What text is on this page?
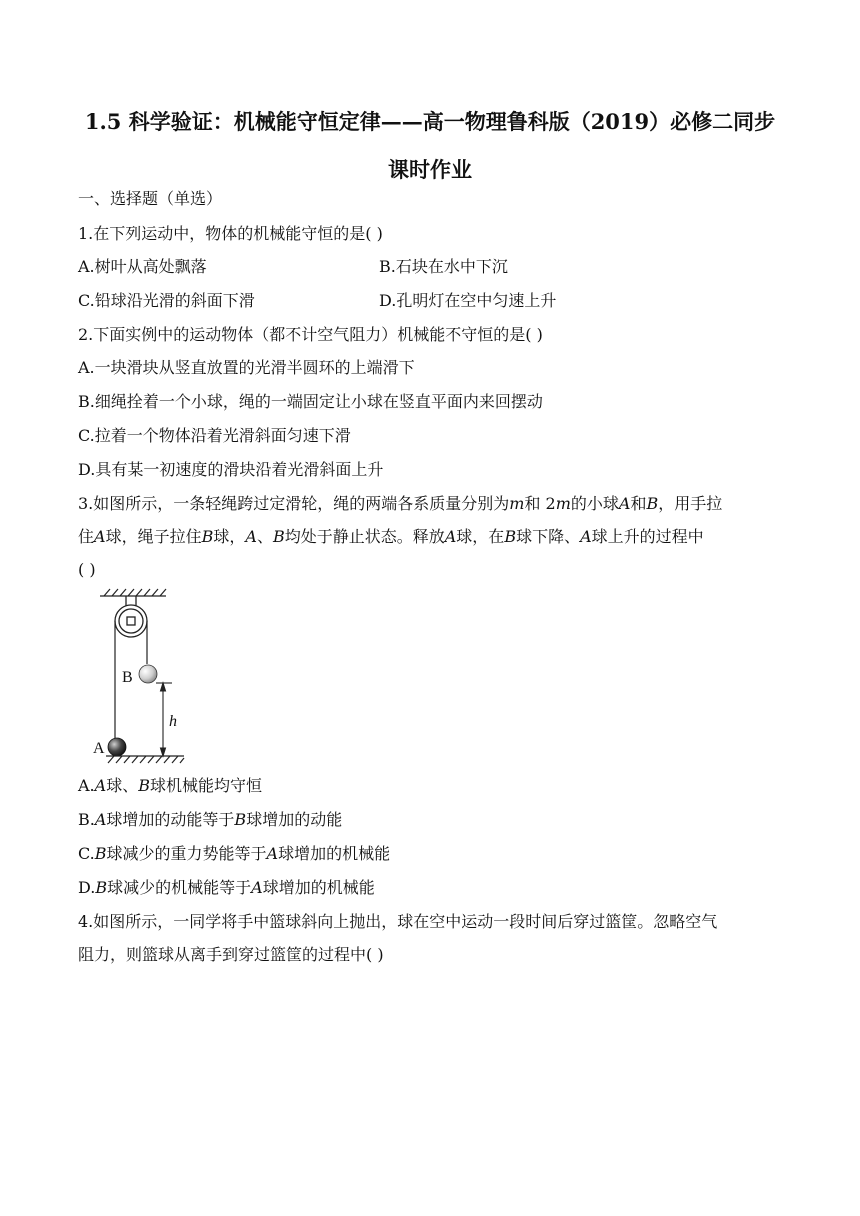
1.5 科学验证：机械能守恒定律——高一物理鲁科版（2019）必修二同步
课时作业
一、选择题（单选）
1.在下列运动中，物体的机械能守恒的是( )
A.树叶从高处飘落	B.石块在水中下沉
C.铅球沿光滑的斜面下滑	D.孔明灯在空中匀速上升
2.下面实例中的运动物体（都不计空气阻力）机械能不守恒的是( )
A.一块滑块从竖直放置的光滑半圆环的上端滑下
B.细绳拴着一个小球，绳的一端固定让小球在竖直平面内来回摆动
C.拉着一个物体沿着光滑斜面匀速下滑
D.具有某一初速度的滑块沿着光滑斜面上升
3.如图所示，一条轻绳跨过定滑轮，绳的两端各系质量分别为m和 2m的小球A和B，用手拉
住A球，绳子拉住B球，A、B均处于静止状态。释放A球，在B球下降、A球上升的过程中
( )
B
A
h
A.A球、B球机械能均守恒
B.A球增加的动能等于B球增加的动能
C.B球减少的重力势能等于A球增加的机械能
D.B球减少的机械能等于A球增加的机械能
4.如图所示，一同学将手中篮球斜向上抛出，球在空中运动一段时间后穿过篮筐。忽略空气
阻力，则篮球从离手到穿过篮筐的过程中( )
